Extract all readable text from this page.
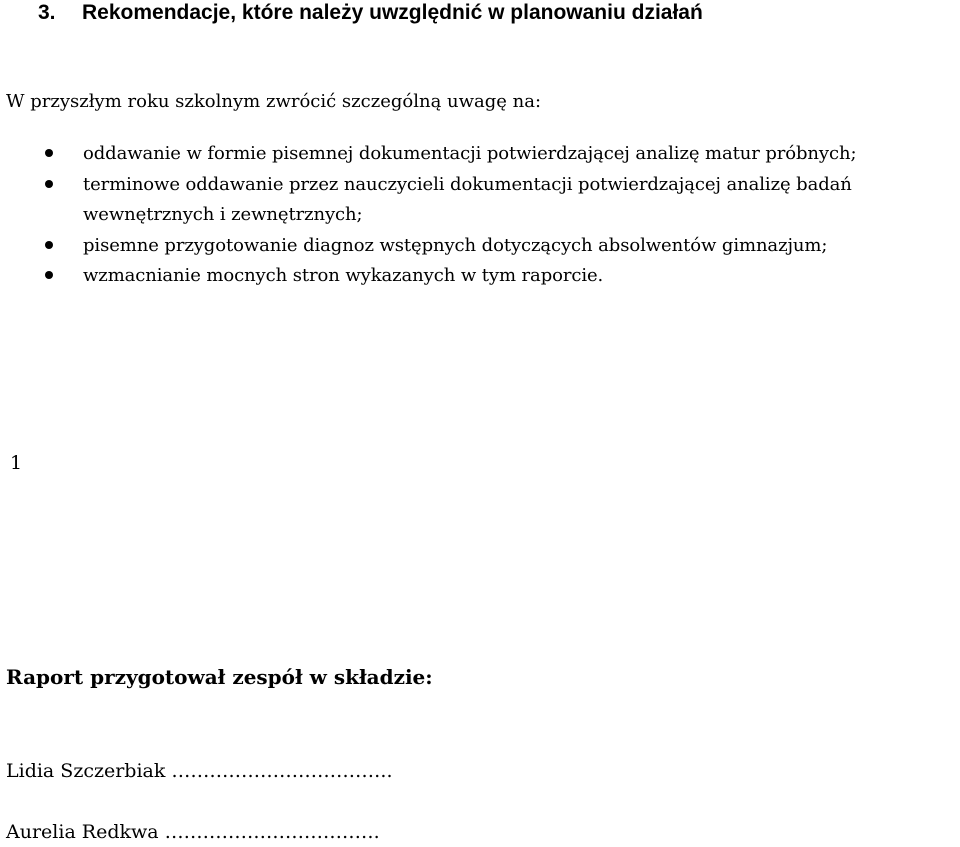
3. Rekomendacje, które należy uwzględnić w planowaniu działań
W przyszłym roku szkolnym zwrócić szczególną uwagę na:
oddawanie w formie pisemnej dokumentacji potwierdzającej analizę matur próbnych;
terminowe oddawanie przez nauczycieli dokumentacji potwierdzającej analizę badań wewnętrznych i zewnętrznych;
pisemne przygotowanie diagnoz wstępnych dotyczących absolwentów gimnazjum;
wzmacnianie mocnych stron wykazanych w tym raporcie.
1
Raport przygotował zespół w składzie:
Lidia Szczerbiak ……………………………..
Aurelia Redkwa …………………………….
